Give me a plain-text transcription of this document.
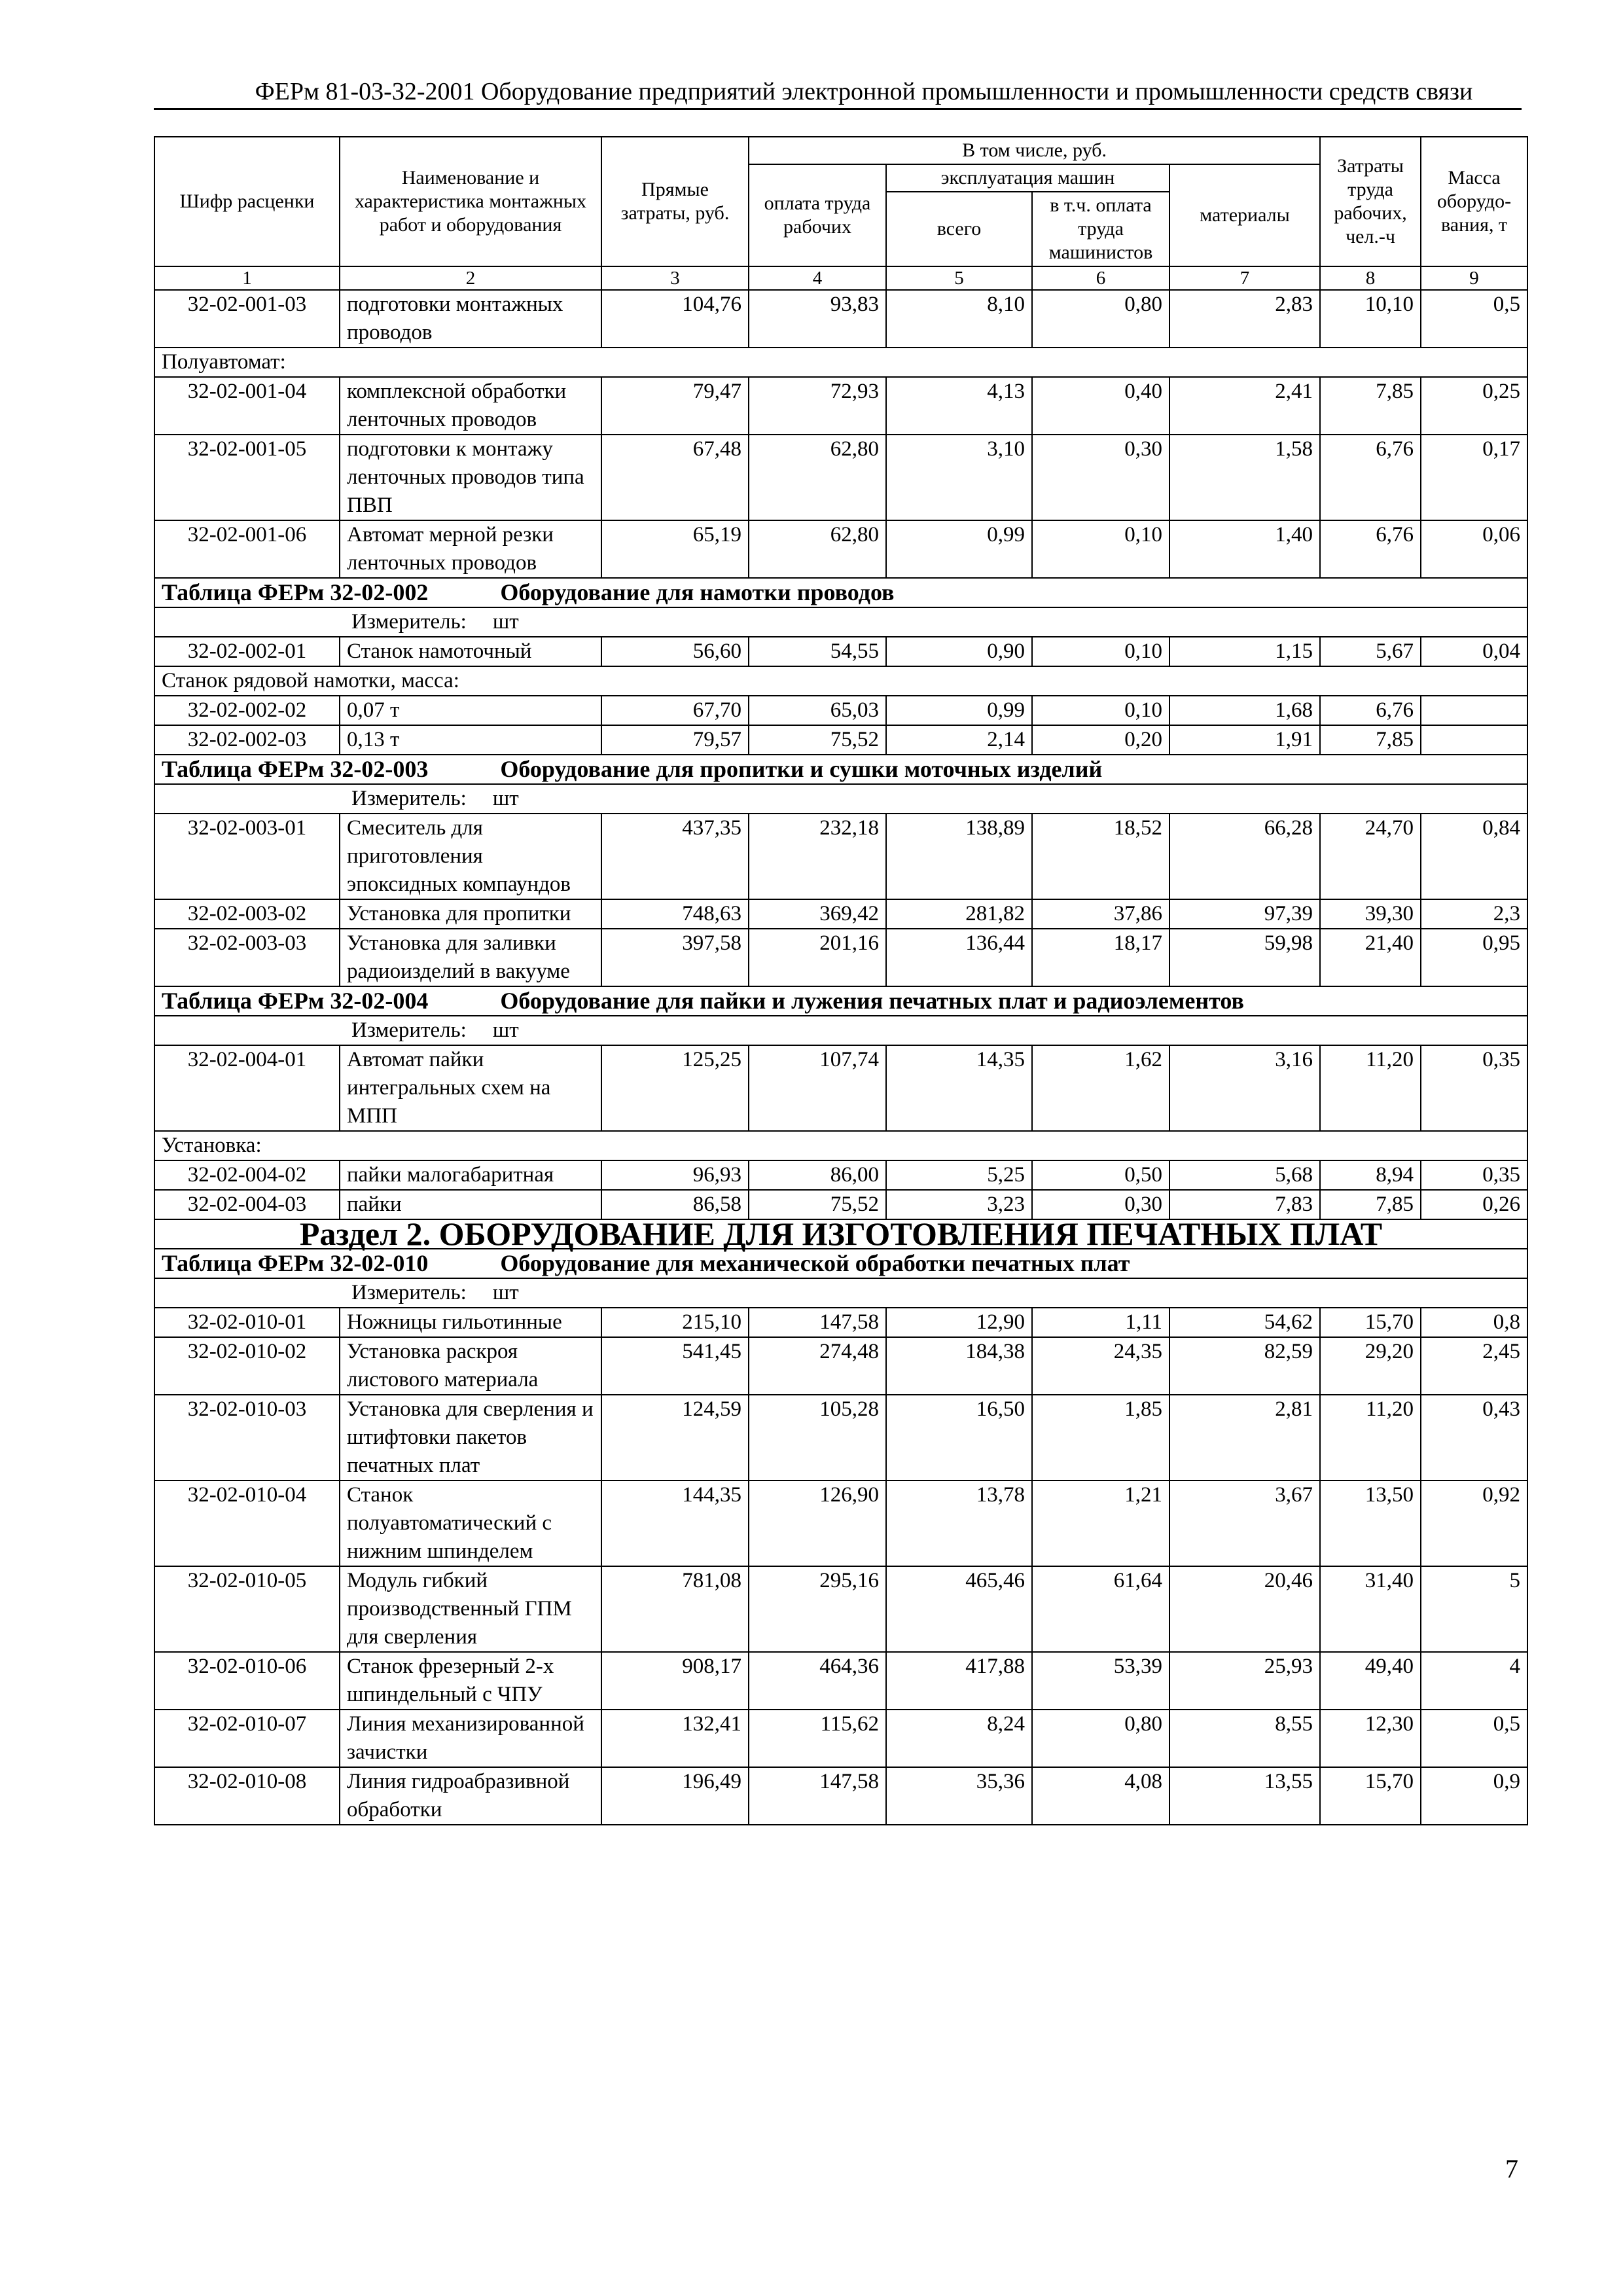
ФЕРм 81-03-32-2001 Оборудование предприятий электронной промышленности и промышленности средств связи
Шифр расценки	Наименование и характеристика монтажных работ и оборудования	Прямые затраты, руб.	В том числе, руб.				Затраты труда рабочих, чел.-ч	Масса оборудо-вания, т
			оплата труда рабочих	эксплуатация машин		материалы		
				всего	в т.ч. оплата труда машинистов			
1	2	3	4	5	6	7	8	9
32-02-001-03	подготовки монтажных проводов	104,76	93,83	8,10	0,80	2,83	10,10	0,5
Полуавтомат:								
32-02-001-04	комплексной обработки ленточных проводов	79,47	72,93	4,13	0,40	2,41	7,85	0,25
32-02-001-05	подготовки к монтажу ленточных проводов типа ПВП	67,48	62,80	3,10	0,30	1,58	6,76	0,17
32-02-001-06	Автомат мерной резки ленточных проводов	65,19	62,80	0,99	0,10	1,40	6,76	0,06
Таблица ФЕРм 32-02-002 Оборудование для намотки проводов								
Измеритель: шт								
32-02-002-01	Станок намоточный	56,60	54,55	0,90	0,10	1,15	5,67	0,04
Станок рядовой намотки, масса:								
32-02-002-02	0,07 т	67,70	65,03	0,99	0,10	1,68	6,76	
32-02-002-03	0,13 т	79,57	75,52	2,14	0,20	1,91	7,85	
Таблица ФЕРм 32-02-003 Оборудование для пропитки и сушки моточных изделий								
Измеритель: шт								
32-02-003-01	Смеситель для приготовления эпоксидных компаундов	437,35	232,18	138,89	18,52	66,28	24,70	0,84
32-02-003-02	Установка для пропитки	748,63	369,42	281,82	37,86	97,39	39,30	2,3
32-02-003-03	Установка для заливки радиоизделий в вакууме	397,58	201,16	136,44	18,17	59,98	21,40	0,95
Таблица ФЕРм 32-02-004 Оборудование для пайки и лужения печатных плат и радиоэлементов								
Измеритель: шт								
32-02-004-01	Автомат пайки интегральных схем на МПП	125,25	107,74	14,35	1,62	3,16	11,20	0,35
Установка:								
32-02-004-02	пайки малогабаритная	96,93	86,00	5,25	0,50	5,68	8,94	0,35
32-02-004-03	пайки	86,58	75,52	3,23	0,30	7,83	7,85	0,26
Раздел 2. ОБОРУДОВАНИЕ ДЛЯ ИЗГОТОВЛЕНИЯ ПЕЧАТНЫХ ПЛАТ								
Таблица ФЕРм 32-02-010 Оборудование для механической обработки печатных плат								
Измеритель: шт								
32-02-010-01	Ножницы гильотинные	215,10	147,58	12,90	1,11	54,62	15,70	0,8
32-02-010-02	Установка раскроя листового материала	541,45	274,48	184,38	24,35	82,59	29,20	2,45
32-02-010-03	Установка для сверления и штифтовки пакетов печатных плат	124,59	105,28	16,50	1,85	2,81	11,20	0,43
32-02-010-04	Станок полуавтоматический с нижним шпинделем	144,35	126,90	13,78	1,21	3,67	13,50	0,92
32-02-010-05	Модуль гибкий производственный ГПМ для сверления	781,08	295,16	465,46	61,64	20,46	31,40	5
32-02-010-06	Станок фрезерный 2-х шпиндельный с ЧПУ	908,17	464,36	417,88	53,39	25,93	49,40	4
32-02-010-07	Линия механизированной зачистки	132,41	115,62	8,24	0,80	8,55	12,30	0,5
32-02-010-08	Линия гидроабразивной обработки	196,49	147,58	35,36	4,08	13,55	15,70	0,9
7
